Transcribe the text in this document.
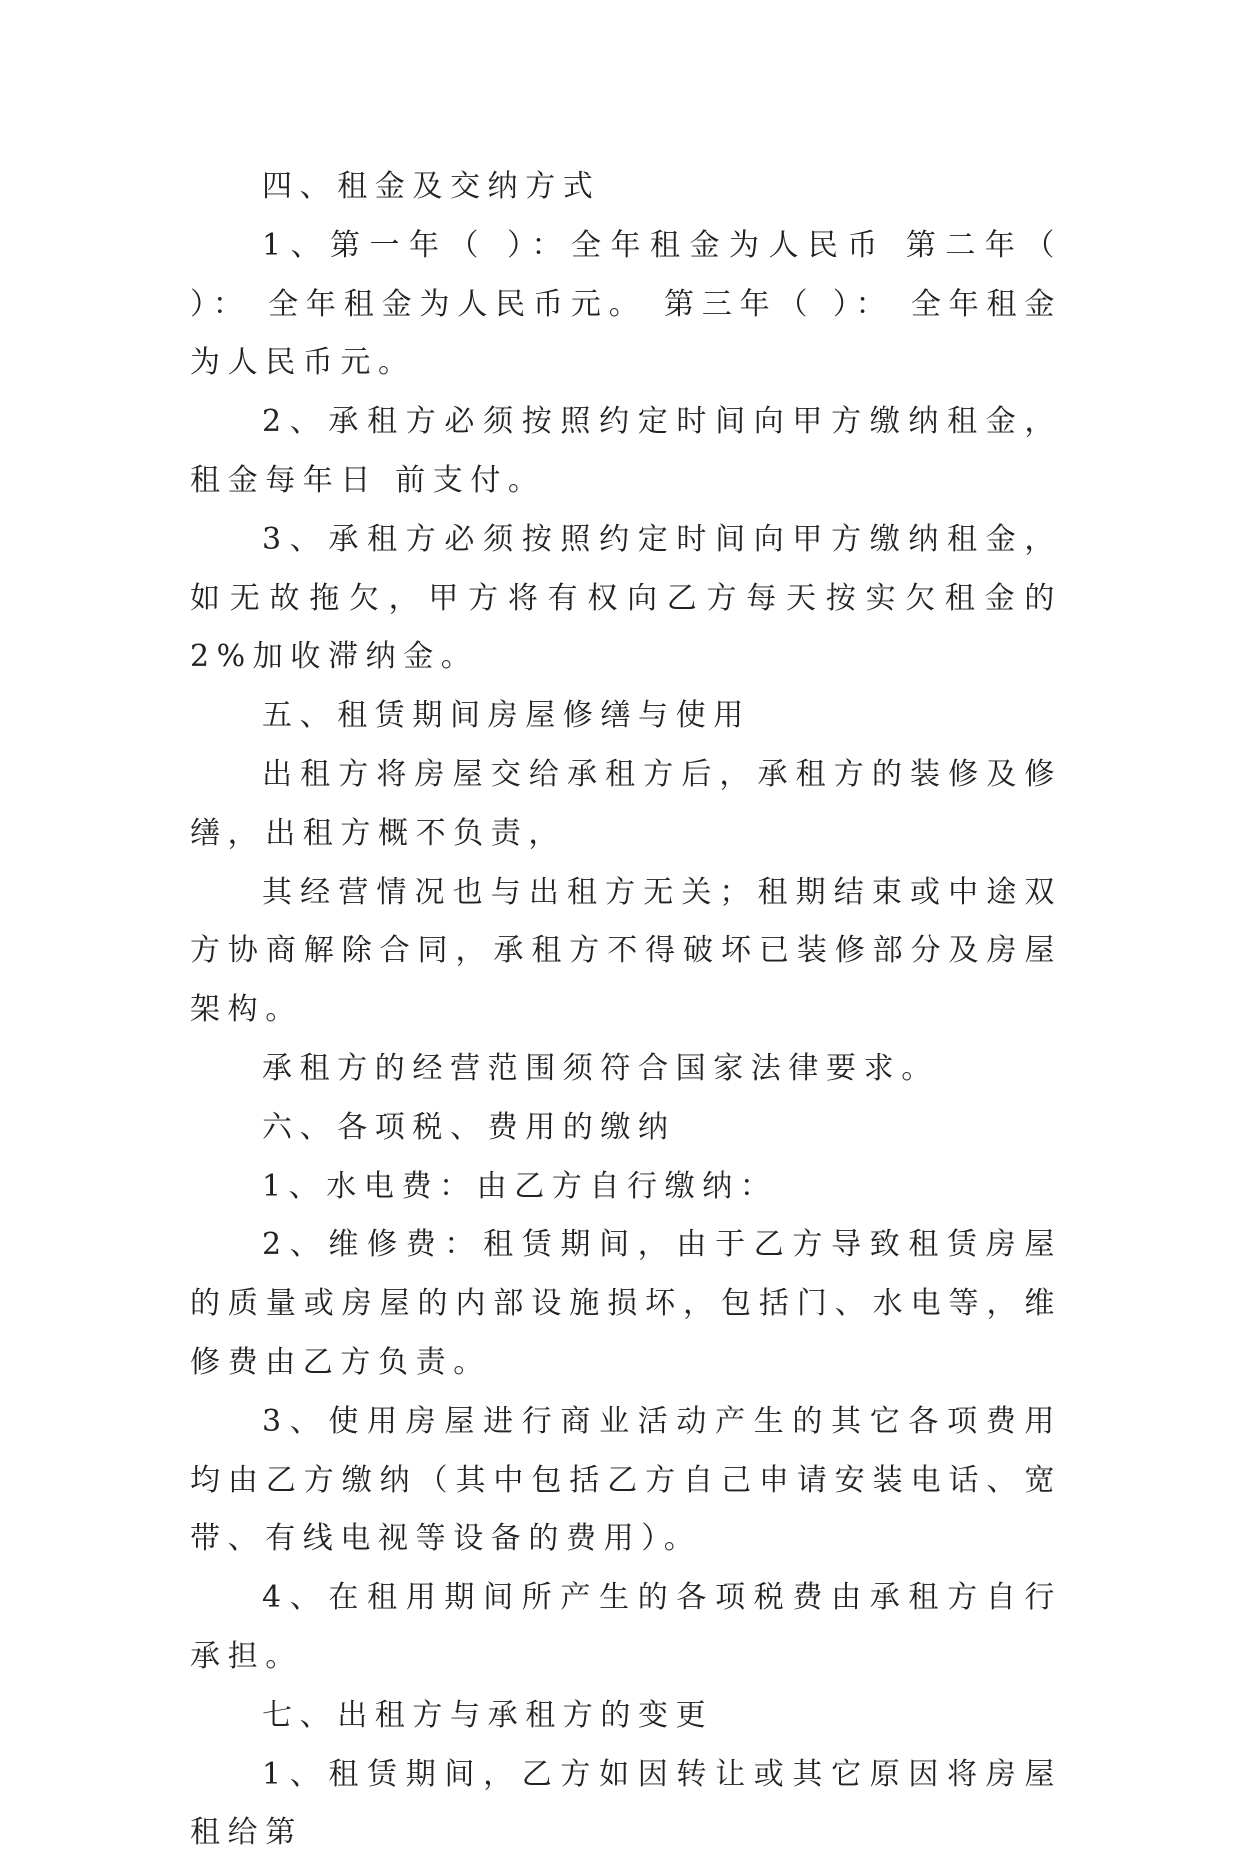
四、租金及交纳方式

1、第一年（ ）：全年租金为人民币 第二年（ ）： 全年租金为人民币元。 第三年（ ）： 全年租金为人民币元。

2、承租方必须按照约定时间向甲方缴纳租金，租金每年日 前支付。

3、承租方必须按照约定时间向甲方缴纳租金，如无故拖欠，甲方将有权向乙方每天按实欠租金的 2%加收滞纳金。

五、租赁期间房屋修缮与使用

出租方将房屋交给承租方后，承租方的装修及修缮，出租方概不负责，

其经营情况也与出租方无关；租期结束或中途双方协商解除合同，承租方不得破坏已装修部分及房屋架构。

承租方的经营范围须符合国家法律要求。

六、各项税、费用的缴纳

1、水电费：由乙方自行缴纳：

2、维修费：租赁期间，由于乙方导致租赁房屋的质量或房屋的内部设施损坏，包括门、水电等，维修费由乙方负责。

3、使用房屋进行商业活动产生的其它各项费用均由乙方缴纳（其中包括乙方自己申请安装电话、宽带、有线电视等设备的费用）。

4、在租用期间所产生的各项税费由承租方自行承担。

七、出租方与承租方的变更

1、租赁期间，乙方如因转让或其它原因将房屋租给第
